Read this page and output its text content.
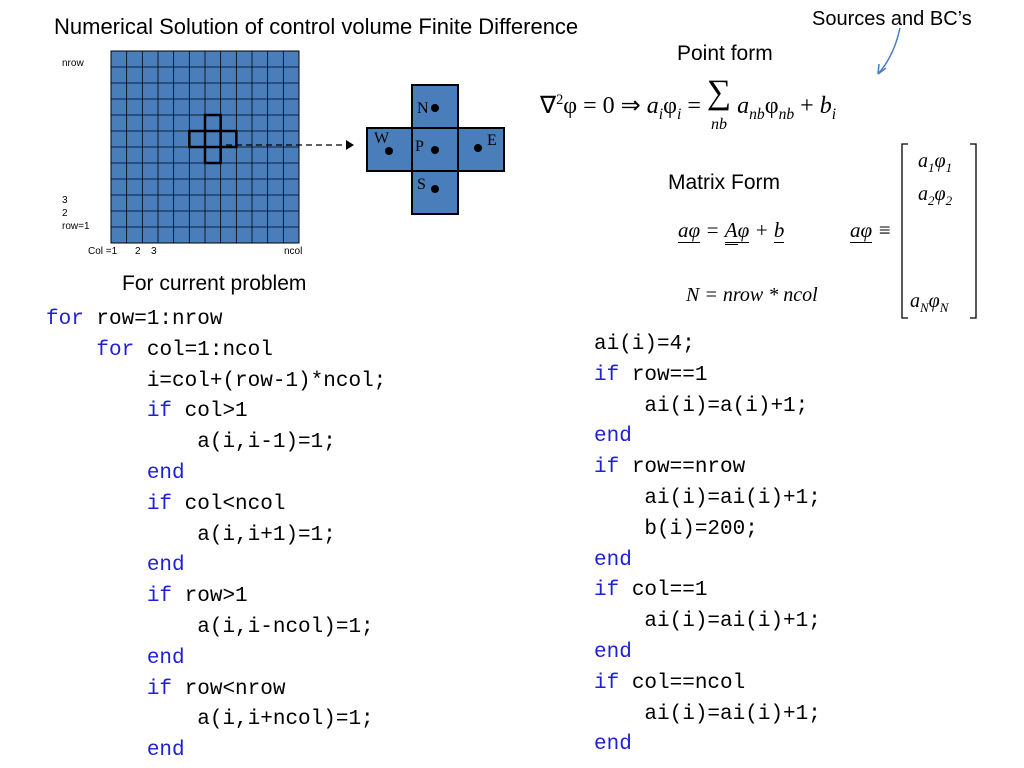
Numerical Solution of control volume Finite Difference	Sources and BC’s
Point form
Matrix Form
For current problem
nrow
3
2
row=1
Col =1 2 3	ncol
N
W P	E
S
∇$^2$φ = 0 ⇒ $a_i\varphi_i$ = ∑
nb $a_{nb}\varphi_{nb} + b_i$
aφ = Aφ + b	aφ ≡
N = nrow * ncol
$a_1\varphi_1$
$a_2\varphi_2$
$a_N\varphi_N$
for row=1:nrow
for col=1:ncol
i=col+(row-1)*ncol;
if col>1
a(i,i-1)=1;
end
if col<ncol
a(i,i+1)=1;
end
if row>1
a(i,i-ncol)=1;
end
if row<nrow
a(i,i+ncol)=1;
end
ai(i)=4;
if row==1
ai(i)=a(i)+1;
end
if row==nrow
ai(i)=ai(i)+1;
b(i)=200;
end
if col==1
ai(i)=ai(i)+1;
end
if col==ncol
ai(i)=ai(i)+1;
end
